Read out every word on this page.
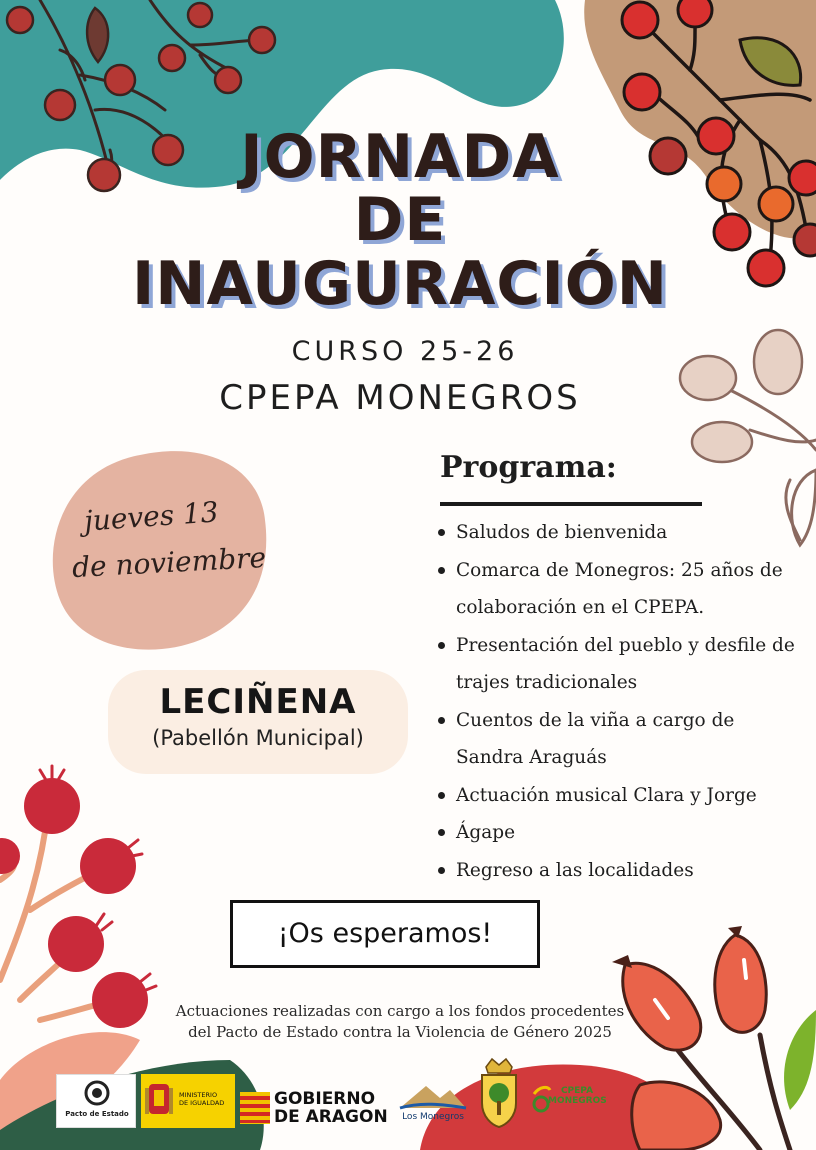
JORNADA
DE
INAUGURACIÓN
CURSO 25-26
CPEPA MONEGROS
jueves 13
de noviembre
LECIÑENA
(Pabellón Municipal)
Programa:
Saludos de bienvenida
Comarca de Monegros: 25 años de colaboración en el CPEPA.
Presentación del pueblo y desfile de trajes tradicionales
Cuentos de la viña a cargo de Sandra Araguás
Actuación musical Clara y Jorge
Ágape
Regreso a las localidades
¡Os esperamos!
Actuaciones realizadas con cargo a los fondos procedentes
del Pacto de Estado contra la Violencia de Género 2025
Pacto de Estado
MINISTERIO
DE IGUALDAD	GOBIERNO
DE ARAGON	Los Monegros
CPEPA
MONEGROS
